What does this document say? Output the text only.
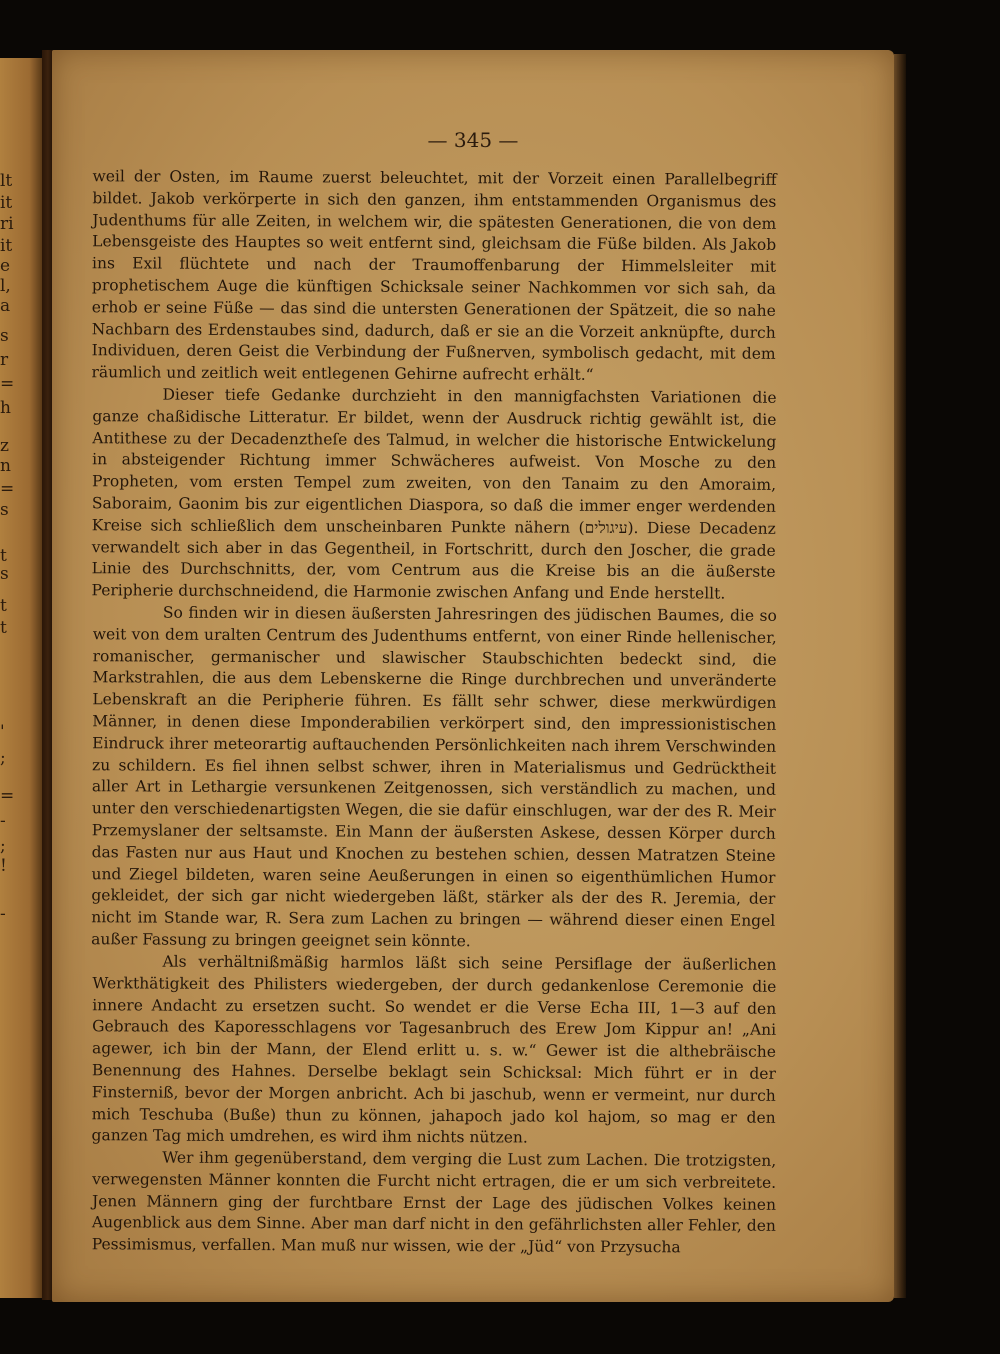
lt
it
ri
it
e
l,
a
s
r
=
h
z
n
=
s
t
s
t
t
'
;
=
-
;
!
-
— 345 —

weil der Osten, im Raume zuerst beleuchtet, mit der Vorzeit einen Parallelbegriff bildet. Jakob verkörperte in sich den ganzen, ihm entstammenden Organismus des Judenthums für alle Zeiten, in welchem wir, die spätesten Generationen, die von dem Lebensgeiste des Hauptes so weit entfernt sind, gleichsam die Füße bilden. Als Jakob ins Exil flüchtete und nach der Traumoffenbarung der Himmelsleiter mit prophetischem Auge die künftigen Schicksale seiner Nachkommen vor sich sah, da erhob er seine Füße — das sind die untersten Generationen der Spätzeit, die so nahe Nachbarn des Erdenstaubes sind, dadurch, daß er sie an die Vorzeit anknüpfte, durch Individuen, deren Geist die Verbindung der Fußnerven, symbolisch gedacht, mit dem räumlich und zeitlich weit entlegenen Gehirne aufrecht erhält.“

Dieser tiefe Gedanke durchzieht in den mannigfachsten Variationen die ganze chaßidische Litteratur. Er bildet, wenn der Ausdruck richtig gewählt ist, die Antithese zu der Decadenztheſe des Talmud, in welcher die historische Entwickelung in absteigender Richtung immer Schwächeres aufweist. Von Mosche zu den Propheten, vom ersten Tempel zum zweiten, von den Tanaim zu den Amoraim, Saboraim, Gaonim bis zur eigentlichen Diaspora, so daß die immer enger werdenden Kreise sich schließlich dem unscheinbaren Punkte nähern (עיגולים). Diese Decadenz verwandelt sich aber in das Gegentheil, in Fortschritt, durch den Joscher, die grade Linie des Durchschnitts, der, vom Centrum aus die Kreise bis an die äußerste Peripherie durchschneidend, die Harmonie zwischen Anfang und Ende herstellt.

So finden wir in diesen äußersten Jahresringen des jüdischen Baumes, die so weit von dem uralten Centrum des Judenthums entfernt, von einer Rinde hellenischer, romanischer, germanischer und slawischer Staubschichten bedeckt sind, die Markstrahlen, die aus dem Lebenskerne die Ringe durchbrechen und unveränderte Lebenskraft an die Peripherie führen. Es fällt sehr schwer, diese merkwürdigen Männer, in denen diese Imponderabilien verkörpert sind, den impressionistischen Eindruck ihrer meteorartig auftauchenden Persönlichkeiten nach ihrem Verschwinden zu schildern. Es fiel ihnen selbst schwer, ihren in Materialismus und Gedrücktheit aller Art in Lethargie versunkenen Zeitgenossen, sich verständlich zu machen, und unter den verschiedenartigsten Wegen, die sie dafür einschlugen, war der des R. Meir Przemyslaner der seltsamste. Ein Mann der äußersten Askese, dessen Körper durch das Fasten nur aus Haut und Knochen zu bestehen schien, dessen Matratzen Steine und Ziegel bildeten, waren seine Aeußerungen in einen so eigenthümlichen Humor gekleidet, der sich gar nicht wiedergeben läßt, stärker als der des R. Jeremia, der nicht im Stande war, R. Sera zum Lachen zu bringen — während dieser einen Engel außer Fassung zu bringen geeignet sein könnte.

Als verhältnißmäßig harmlos läßt sich seine Persiflage der äußerlichen Werkthätigkeit des Philisters wiedergeben, der durch gedankenlose Ceremonie die innere Andacht zu ersetzen sucht. So wendet er die Verse Echa III, 1—3 auf den Gebrauch des Kaporesschlagens vor Tagesanbruch des Erew Jom Kippur an! „Ani agewer, ich bin der Mann, der Elend erlitt u. s. w.“ Gewer ist die althebräische Benennung des Hahnes. Derselbe beklagt sein Schicksal: Mich führt er in der Finsterniß, bevor der Morgen anbricht. Ach bi jaschub, wenn er vermeint, nur durch mich Teschuba (Buße) thun zu können, jahapoch jado kol hajom, so mag er den ganzen Tag mich umdrehen, es wird ihm nichts nützen.

Wer ihm gegenüberstand, dem verging die Lust zum Lachen. Die trotzigsten, verwegensten Männer konnten die Furcht nicht ertragen, die er um sich verbreitete. Jenen Männern ging der furchtbare Ernst der Lage des jüdischen Volkes keinen Augenblick aus dem Sinne. Aber man darf nicht in den gefährlichsten aller Fehler, den Pessimismus, verfallen. Man muß nur wissen, wie der „Jüd“ von Przysucha
